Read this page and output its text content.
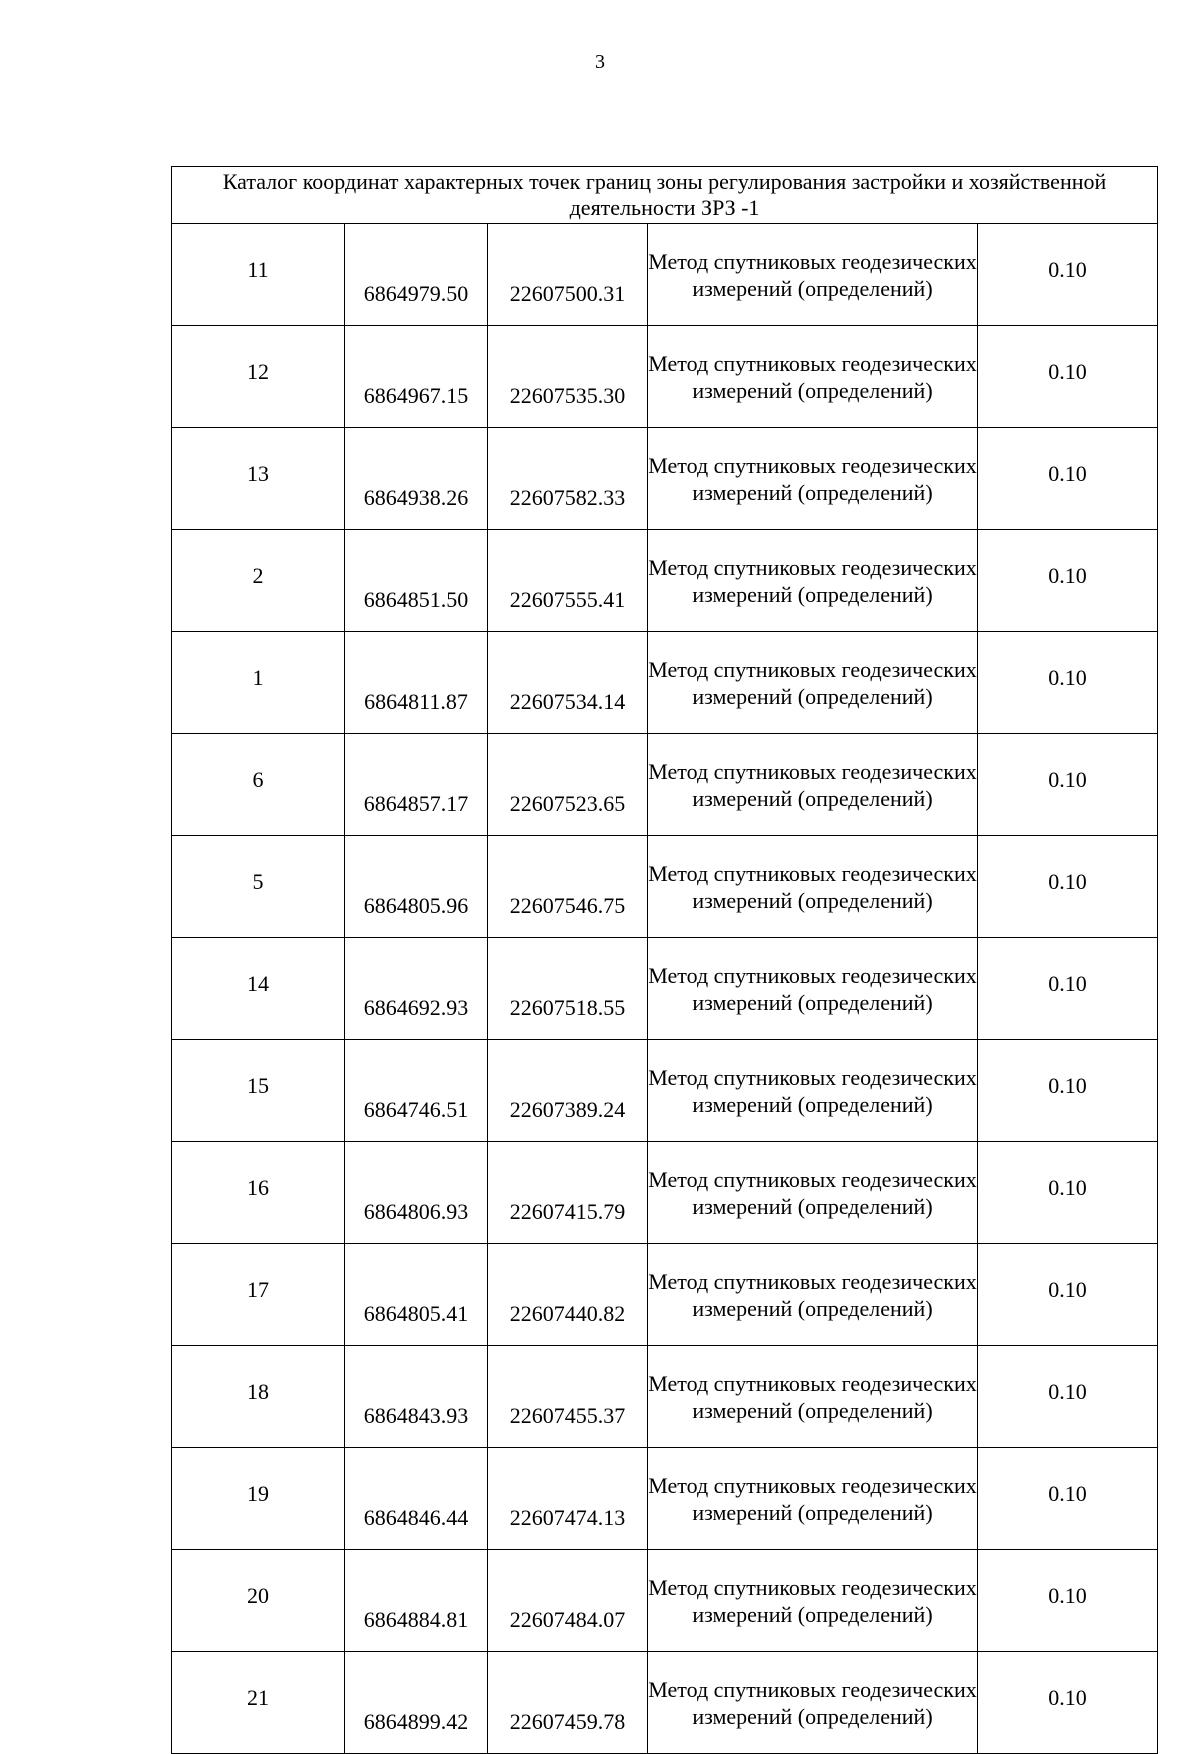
3
Каталог координат характерных точек границ зоны регулирования застройки и хозяйственной деятельности ЗРЗ -1				
11	6864979.50	22607500.31	Метод спутниковых геодезических измерений (определений)	0.10
12	6864967.15	22607535.30	Метод спутниковых геодезических измерений (определений)	0.10
13	6864938.26	22607582.33	Метод спутниковых геодезических измерений (определений)	0.10
2	6864851.50	22607555.41	Метод спутниковых геодезических измерений (определений)	0.10
1	6864811.87	22607534.14	Метод спутниковых геодезических измерений (определений)	0.10
6	6864857.17	22607523.65	Метод спутниковых геодезических измерений (определений)	0.10
5	6864805.96	22607546.75	Метод спутниковых геодезических измерений (определений)	0.10
14	6864692.93	22607518.55	Метод спутниковых геодезических измерений (определений)	0.10
15	6864746.51	22607389.24	Метод спутниковых геодезических измерений (определений)	0.10
16	6864806.93	22607415.79	Метод спутниковых геодезических измерений (определений)	0.10
17	6864805.41	22607440.82	Метод спутниковых геодезических измерений (определений)	0.10
18	6864843.93	22607455.37	Метод спутниковых геодезических измерений (определений)	0.10
19	6864846.44	22607474.13	Метод спутниковых геодезических измерений (определений)	0.10
20	6864884.81	22607484.07	Метод спутниковых геодезических измерений (определений)	0.10
21	6864899.42	22607459.78	Метод спутниковых геодезических измерений (определений)	0.10
